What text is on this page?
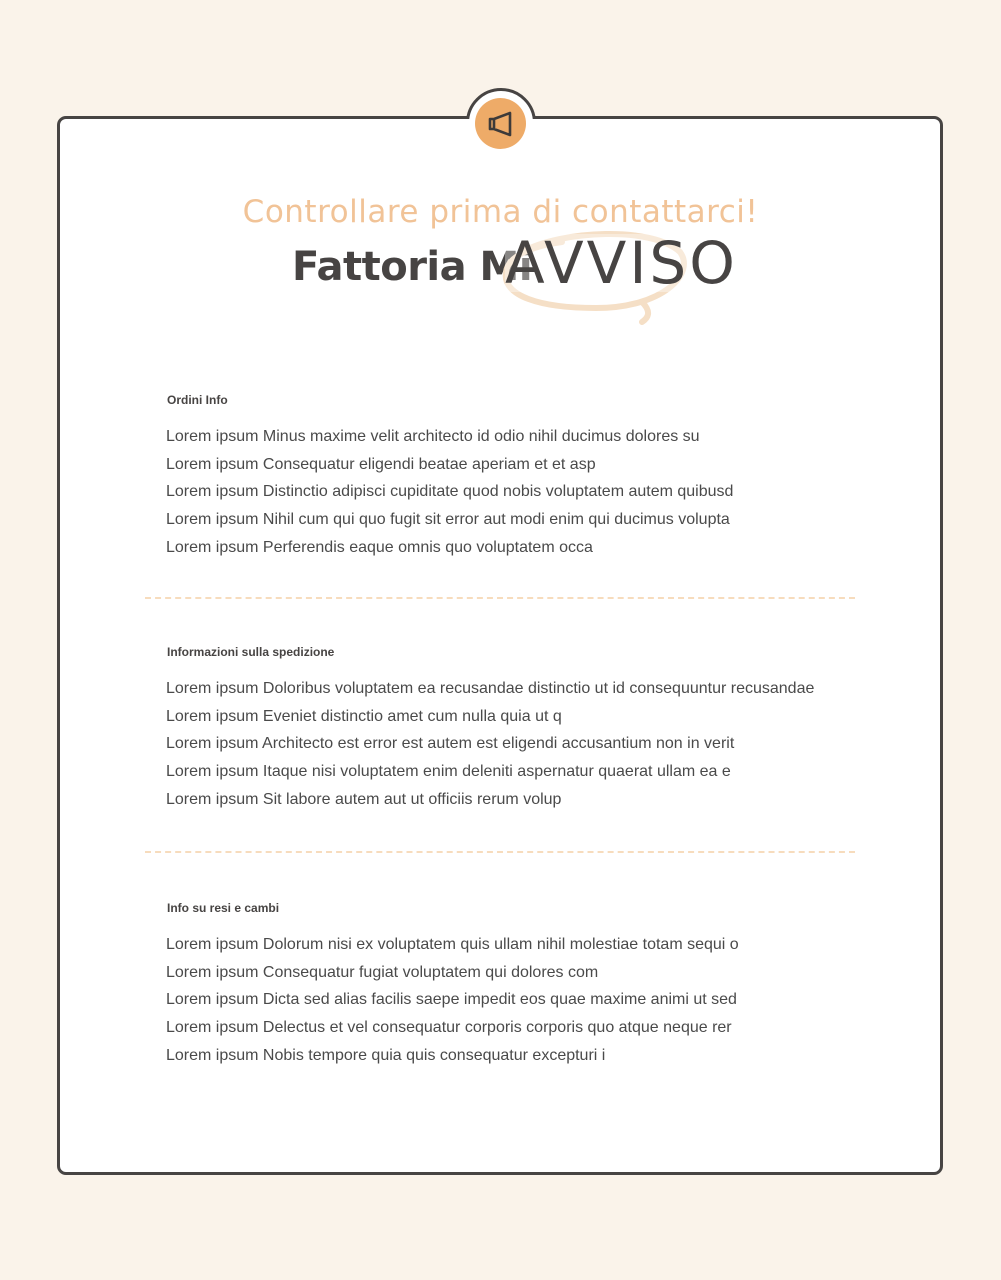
Controllare prima di contattarci!
Fattoria Mi
AVVISO
Ordini Info
Lorem ipsum Minus maxime velit architecto id odio nihil ducimus dolores su
Lorem ipsum Consequatur eligendi beatae aperiam et et asp
Lorem ipsum Distinctio adipisci cupiditate quod nobis voluptatem autem quibusd
Lorem ipsum Nihil cum qui quo fugit sit error aut modi enim qui ducimus volupta
Lorem ipsum Perferendis eaque omnis quo voluptatem occa
Informazioni sulla spedizione
Lorem ipsum Doloribus voluptatem ea recusandae distinctio ut id consequuntur recusandae
Lorem ipsum Eveniet distinctio amet cum nulla quia ut q
Lorem ipsum Architecto est error est autem est eligendi accusantium non in verit
Lorem ipsum Itaque nisi voluptatem enim deleniti aspernatur quaerat ullam ea e
Lorem ipsum Sit labore autem aut ut officiis rerum volup
Info su resi e cambi
Lorem ipsum Dolorum nisi ex voluptatem quis ullam nihil molestiae totam sequi o
Lorem ipsum Consequatur fugiat voluptatem qui dolores com
Lorem ipsum Dicta sed alias facilis saepe impedit eos quae maxime animi ut sed
Lorem ipsum Delectus et vel consequatur corporis corporis quo atque neque rer
Lorem ipsum Nobis tempore quia quis consequatur excepturi i
